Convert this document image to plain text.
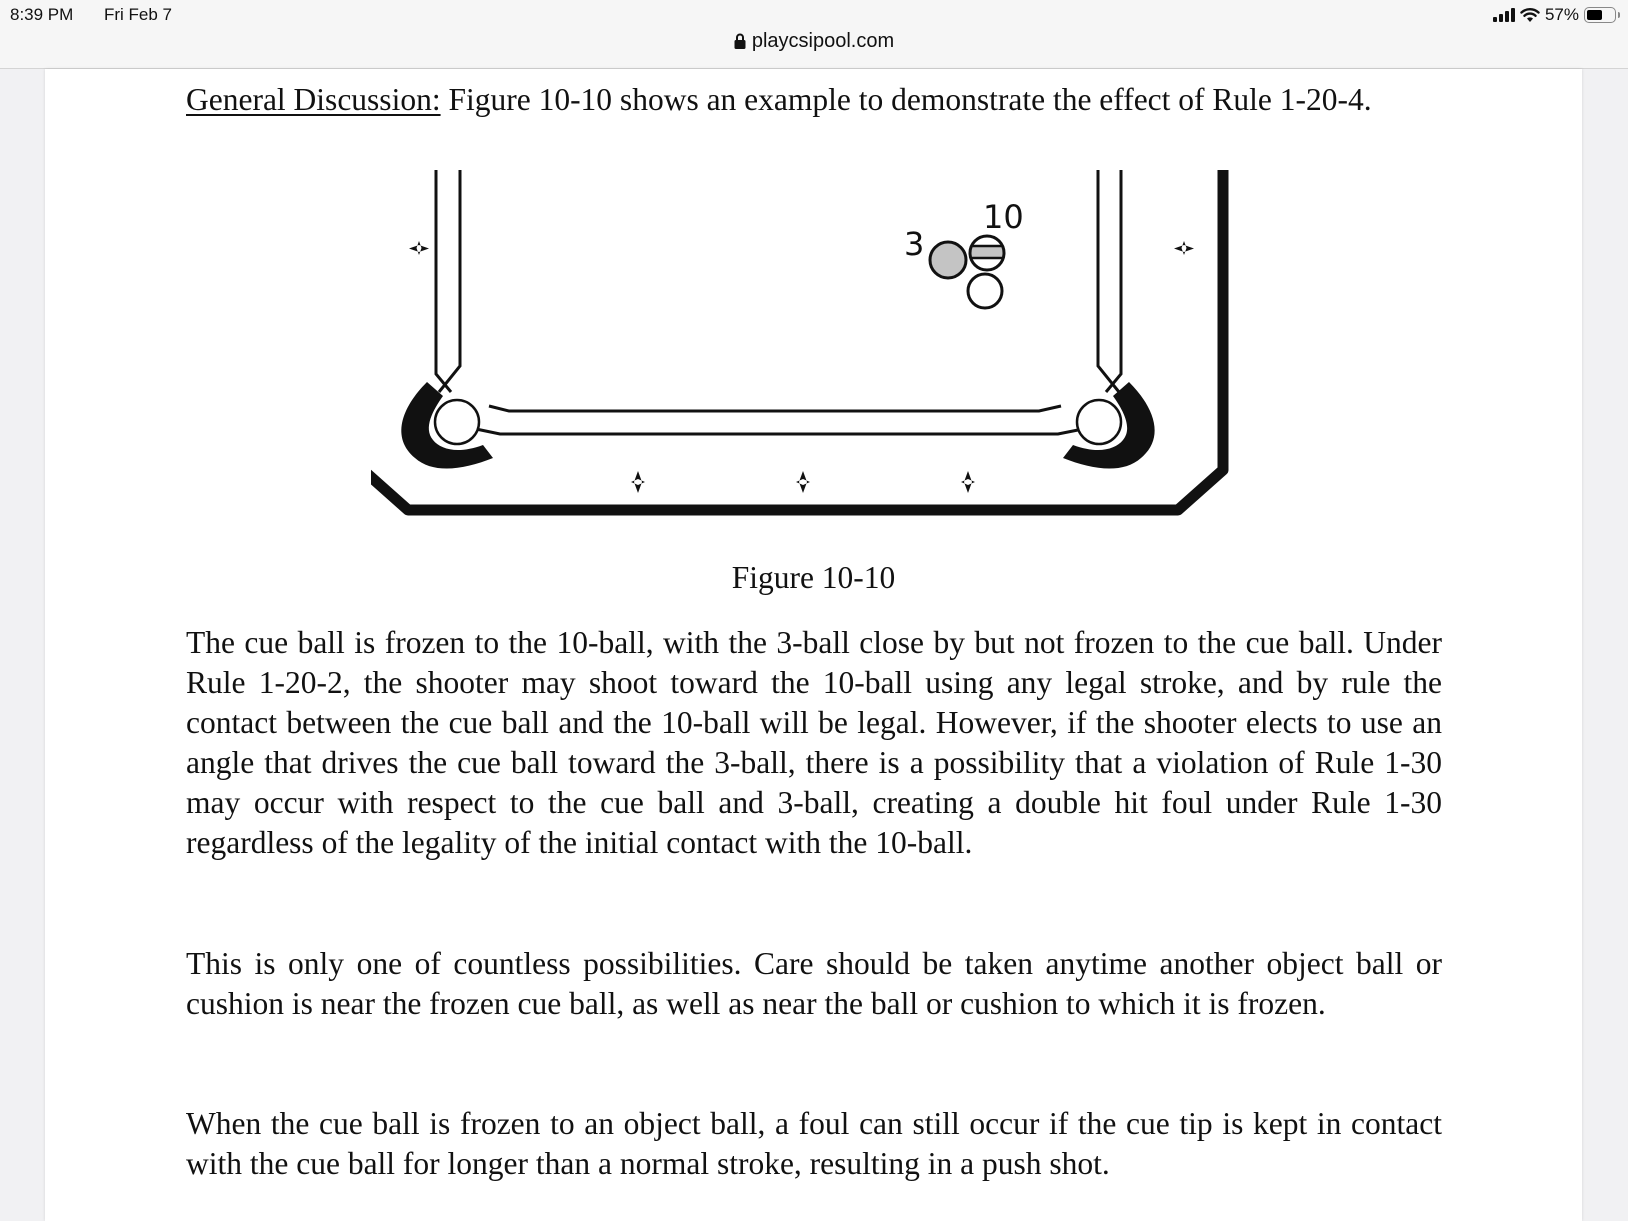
8:39 PM Fri Feb 7	57%
playcsipool.com
General Discussion: Figure 10-10 shows an example to demonstrate the effect of Rule 1-20-4.
3
10
Figure 10-10
The cue ball is frozen to the 10-ball, with the 3-ball close by but not frozen to the cue ball. Under Rule 1-20-2, the shooter may shoot toward the 10-ball using any legal stroke, and by rule the contact between the cue ball and the 10-ball will be legal. However, if the shooter elects to use an angle that drives the cue ball toward the 3-ball, there is a possibility that a violation of Rule 1-30 may occur with respect to the cue ball and 3-ball, creating a double hit foul under Rule 1-30 regardless of the legality of the initial contact with the 10-ball.
This is only one of countless possibilities. Care should be taken anytime another object ball or cushion is near the frozen cue ball, as well as near the ball or cushion to which it is frozen.
When the cue ball is frozen to an object ball, a foul can still occur if the cue tip is kept in contact with the cue ball for longer than a normal stroke, resulting in a push shot.
